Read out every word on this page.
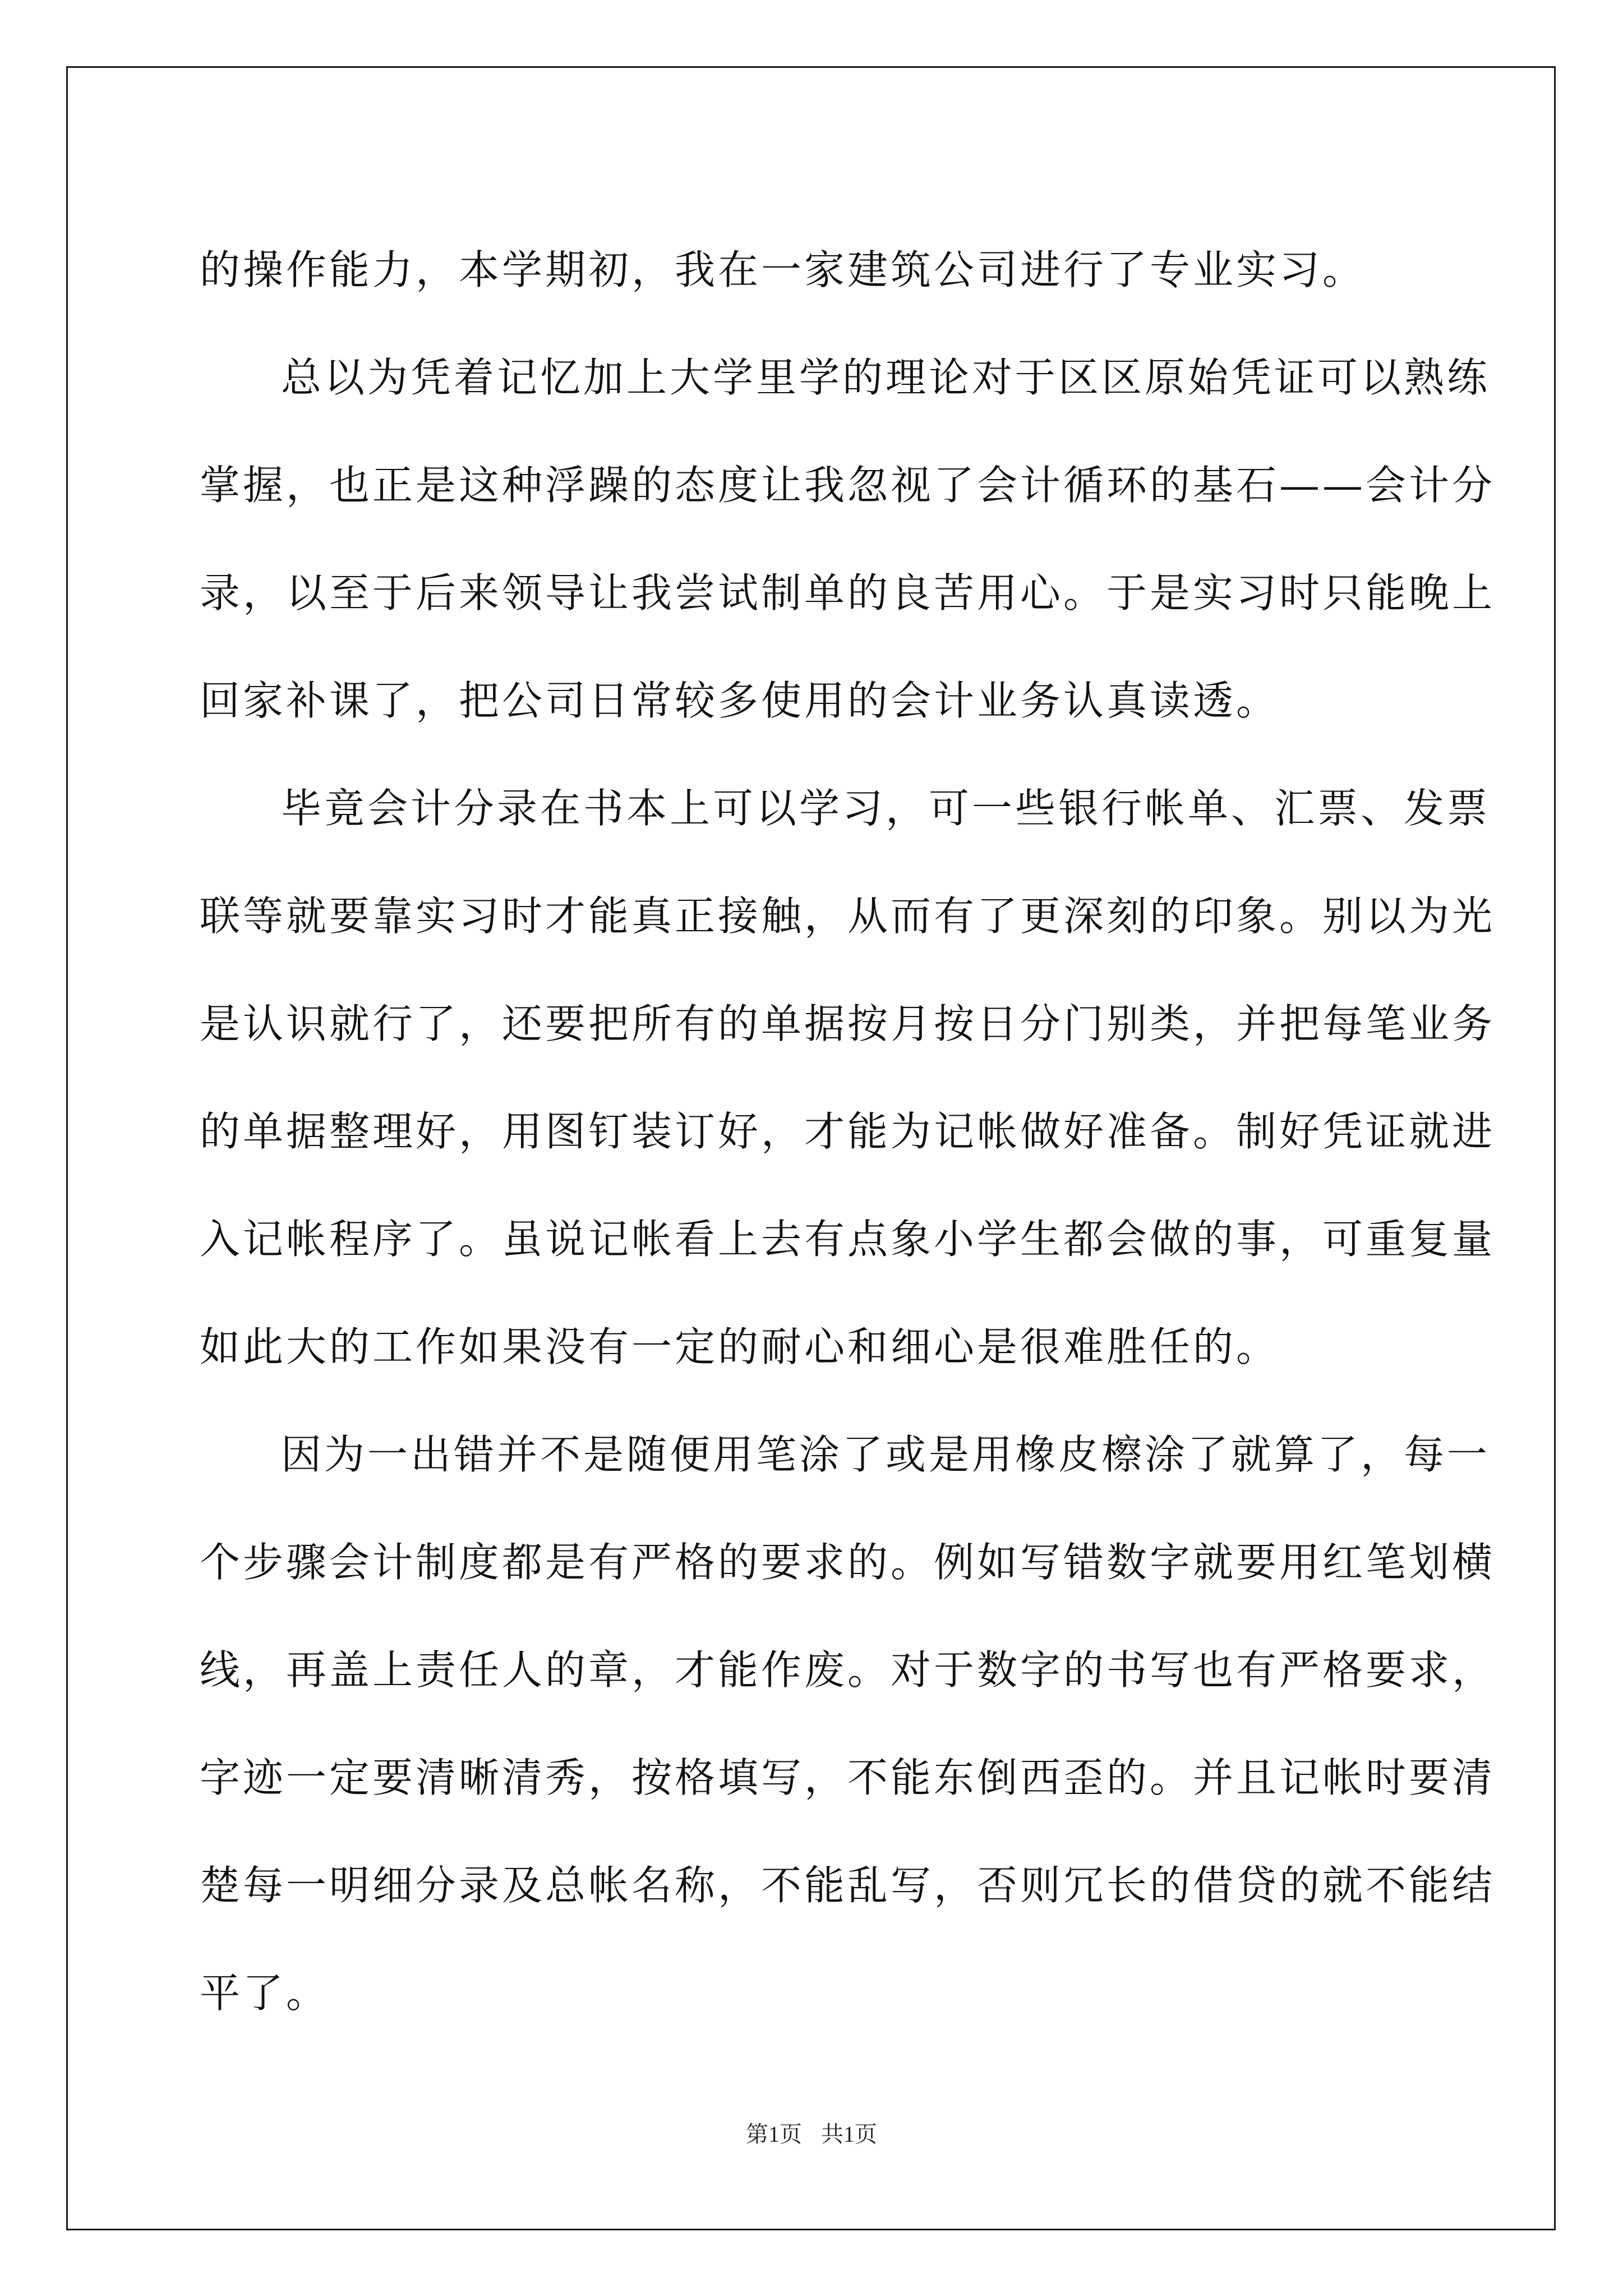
的操作能力，本学期初，我在一家建筑公司进行了专业实习。
总以为凭着记忆加上大学里学的理论对于区区原始凭证可以熟练
掌握，也正是这种浮躁的态度让我忽视了会计循环的基石——会计分
录，以至于后来领导让我尝试制单的良苦用心。于是实习时只能晚上
回家补课了，把公司日常较多使用的会计业务认真读透。
毕竟会计分录在书本上可以学习，可一些银行帐单、汇票、发票
联等就要靠实习时才能真正接触，从而有了更深刻的印象。别以为光
是认识就行了，还要把所有的单据按月按日分门别类，并把每笔业务
的单据整理好，用图钉装订好，才能为记帐做好准备。制好凭证就进
入记帐程序了。虽说记帐看上去有点象小学生都会做的事，可重复量
如此大的工作如果没有一定的耐心和细心是很难胜任的。
因为一出错并不是随便用笔涂了或是用橡皮檫涂了就算了，每一
个步骤会计制度都是有严格的要求的。例如写错数字就要用红笔划横
线，再盖上责任人的章，才能作废。对于数字的书写也有严格要求，
字迹一定要清晰清秀，按格填写，不能东倒西歪的。并且记帐时要清
楚每一明细分录及总帐名称，不能乱写，否则冗长的借贷的就不能结
平了。
第1页 共1页
